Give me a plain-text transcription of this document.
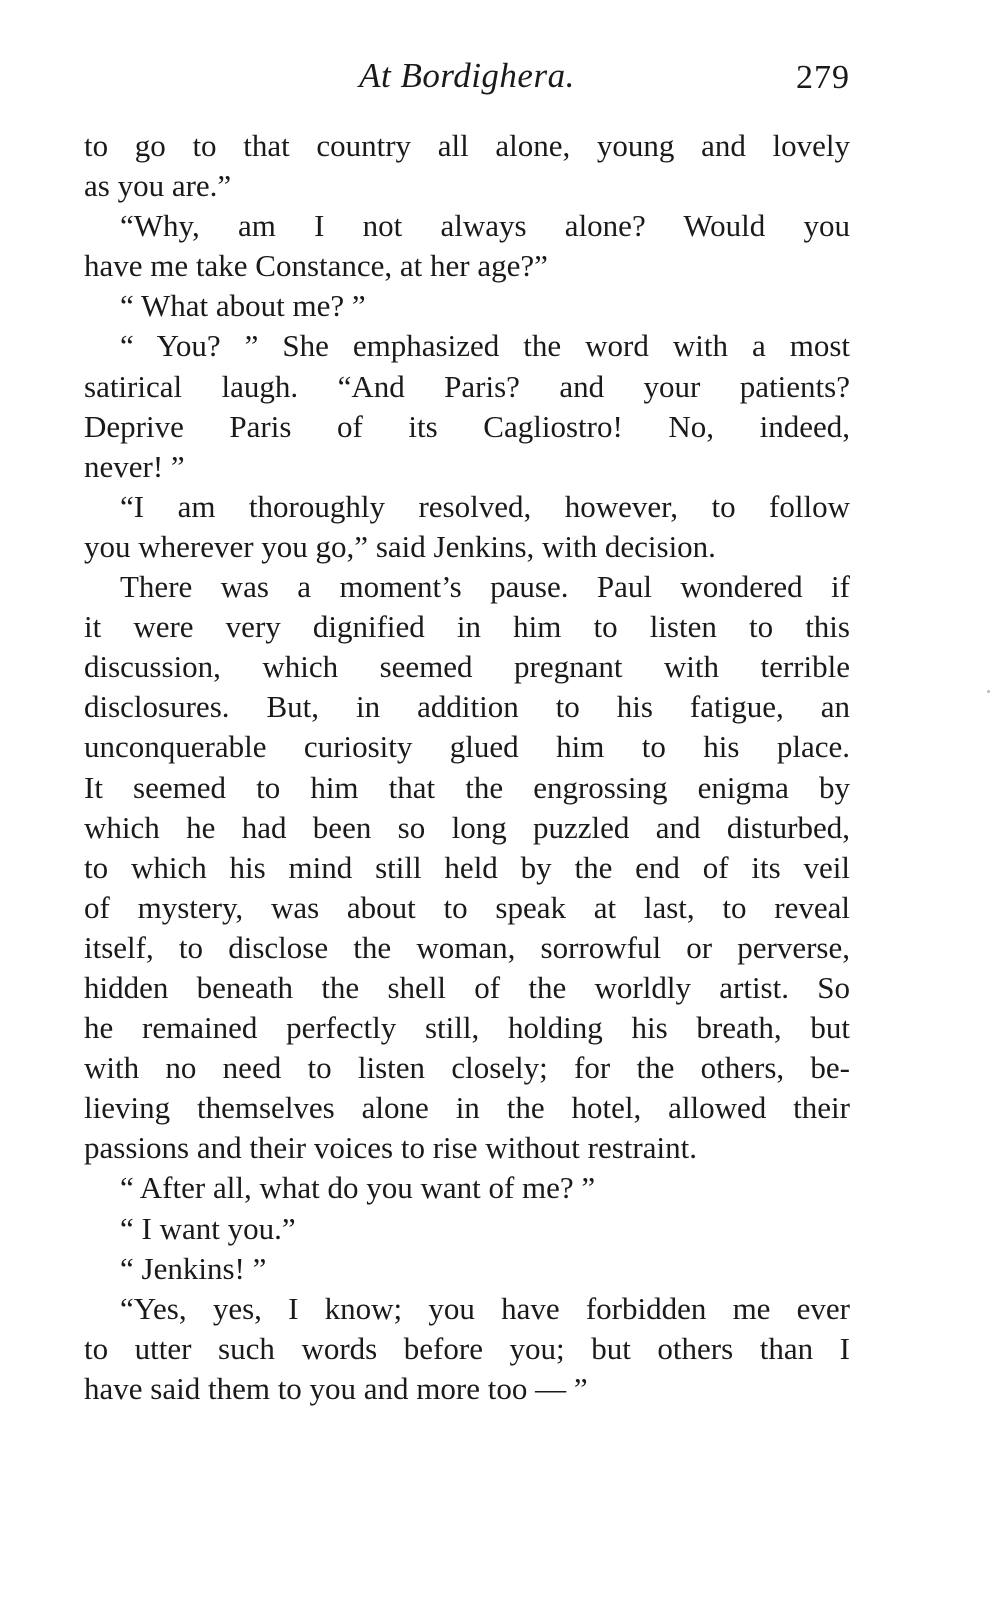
At Bordighera.	279
to go to that country all alone, young and lovely
as you are.”
“Why, am I not always alone? Would you
have me take Constance, at her age?”
“ What about me? ”
“ You? ” She emphasized the word with a most
satirical laugh. “And Paris? and your patients?
Deprive Paris of its Cagliostro! No, indeed,
never! ”
“I am thoroughly resolved, however, to follow
you wherever you go,” said Jenkins, with decision.
There was a moment’s pause. Paul wondered if
it were very dignified in him to listen to this
discussion, which seemed pregnant with terrible
disclosures. But, in addition to his fatigue, an
unconquerable curiosity glued him to his place.
It seemed to him that the engrossing enigma by
which he had been so long puzzled and disturbed,
to which his mind still held by the end of its veil
of mystery, was about to speak at last, to reveal
itself, to disclose the woman, sorrowful or perverse,
hidden beneath the shell of the worldly artist. So
he remained perfectly still, holding his breath, but
with no need to listen closely; for the others, be-
lieving themselves alone in the hotel, allowed their
passions and their voices to rise without restraint.
“ After all, what do you want of me? ”
“ I want you.”
“ Jenkins! ”
“Yes, yes, I know; you have forbidden me ever
to utter such words before you; but others than I
have said them to you and more too — ”
